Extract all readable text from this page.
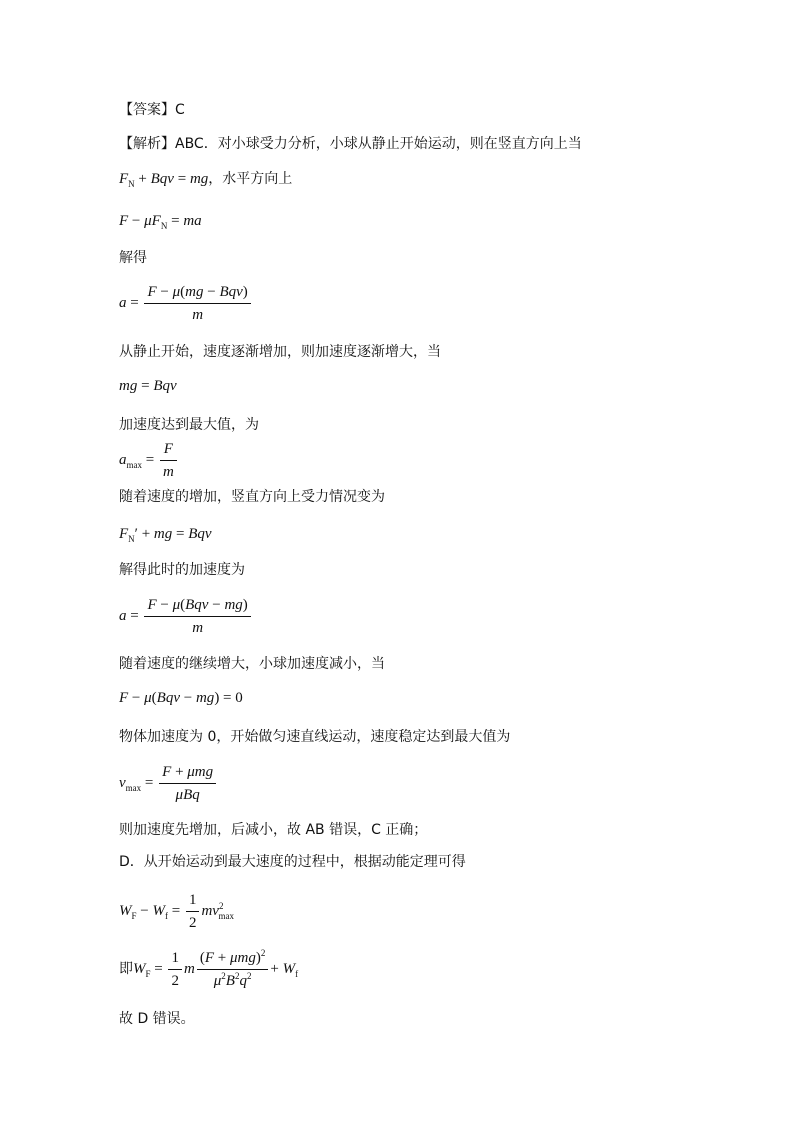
【答案】C
【解析】ABC．对小球受力分析，小球从静止开始运动，则在竖直方向上当
$F_N$ + Bqv = mg，水平方向上
$F - \mu F_N$ = ma
解得
$a = \frac{\text{F − μ(mg − Bqv)}}{m}$
从静止开始，速度逐渐增加，则加速度逐渐增大，当
mg = Bqv
加速度达到最大值，为
$a_{max} = \frac{F}{m}$
随着速度的增加，竖直方向上受力情况变为
$F_N'$ + mg = Bqv
解得此时的加速度为
$a = \frac{\text{F − μ(Bqv − mg)}}{m}$
随着速度的继续增大，小球加速度减小，当
F − μ(Bqv − mg) = 0
物体加速度为 0，开始做匀速直线运动，速度稳定达到最大值为
$v_{max} = \frac{\text{F + μmg}}{\text{μBq}}$
则加速度先增加，后减小，故 AB 错误，C 正确；
D．从开始运动到最大速度的过程中，根据动能定理可得
$W_F - W_f = \frac{1}{2} mv^2_{max}$
即$W_F = \frac{1}{2}$ m $\frac{(F + \mu mg)^2}{\mu^2B^2q^2} + W_f$
故 D 错误。
